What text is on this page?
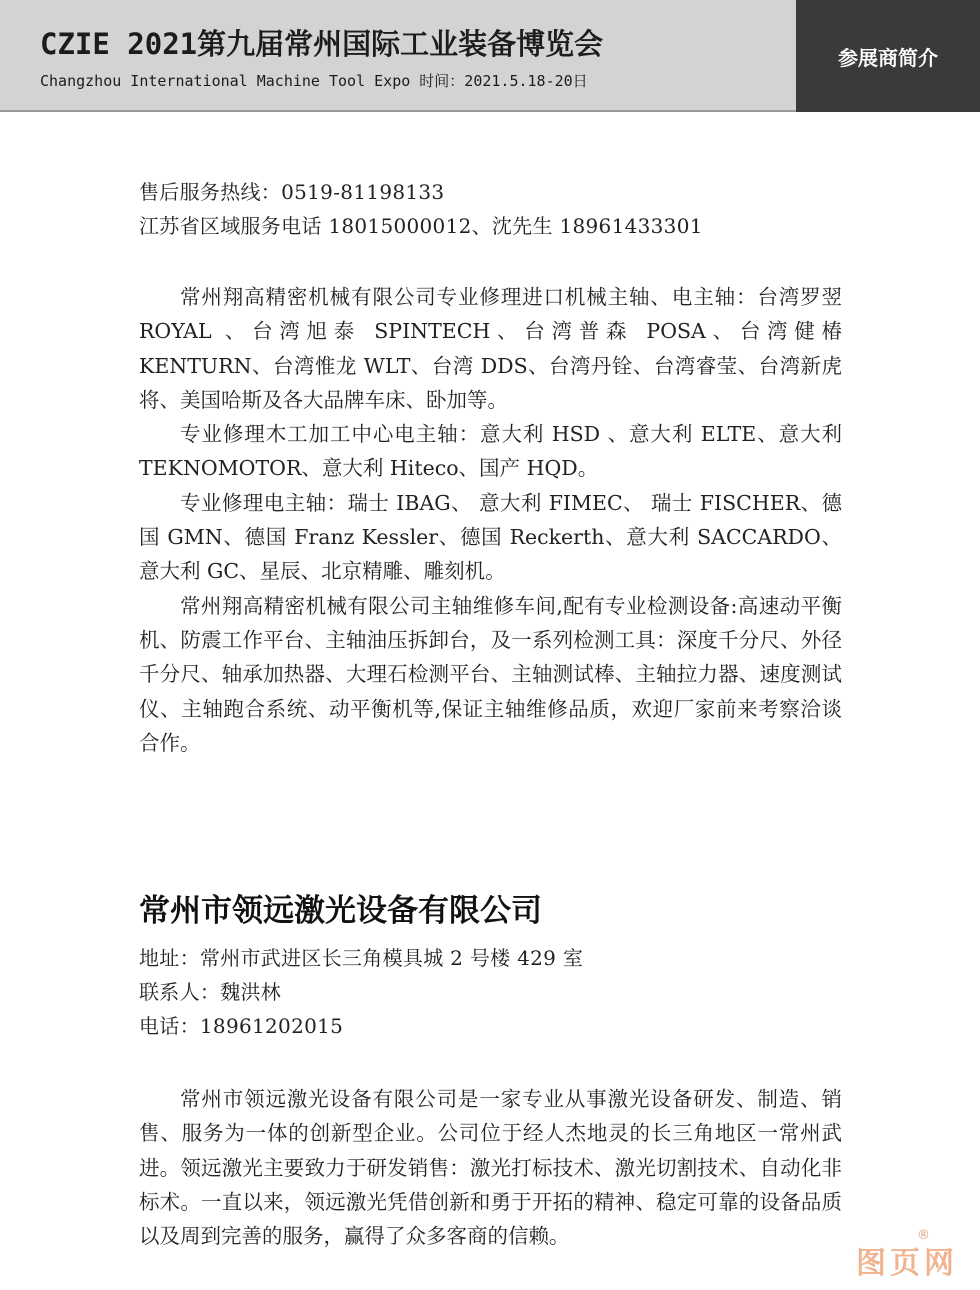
CZIE 2021第九届常州国际工业装备博览会
Changzhou International Machine Tool Expo 时间：2021.5.18-20日
参展商简介
售后服务热线：0519-81198133
江苏省区域服务电话 18015000012、沈先生 18961433301

常州翔高精密机械有限公司专业修理进口机械主轴、电主轴：台湾罗翌 ROYAL 、台湾旭泰 SPINTECH、台湾普森 POSA、台湾健椿 KENTURN、台湾惟龙 WLT、台湾 DDS、台湾丹铨、台湾睿莹、台湾新虎将、美国哈斯及各大品牌车床、卧加等。

专业修理木工加工中心电主轴：意大利 HSD 、意大利 ELTE、意大利 TEKNOMOTOR、意大利 Hiteco、国产 HQD。

专业修理电主轴：瑞士 IBAG、 意大利 FIMEC、 瑞士 FISCHER、德国 GMN、德国 Franz Kessler、德国 Reckerth、意大利 SACCARDO、意大利 GC、星辰、北京精雕、雕刻机。

常州翔高精密机械有限公司主轴维修车间,配有专业检测设备:高速动平衡机、防震工作平台、主轴油压拆卸台，及一系列检测工具：深度千分尺、外径千分尺、轴承加热器、大理石检测平台、主轴测试棒、主轴拉力器、速度测试仪、主轴跑合系统、动平衡机等,保证主轴维修品质，欢迎厂家前来考察洽谈合作。

常州市领远激光设备有限公司
地址：常州市武进区长三角模具城 2 号楼 429 室
联系人：魏洪林
电话：18961202015

常州市领远激光设备有限公司是一家专业从事激光设备研发、制造、销售、服务为一体的创新型企业。公司位于经人杰地灵的长三角地区一常州武进。领远激光主要致力于研发销售：激光打标技术、激光切割技术、自动化非标术。一直以来，领远激光凭借创新和勇于开拓的精神、稳定可靠的设备品质以及周到完善的服务，赢得了众多客商的信赖。

图页网
®
